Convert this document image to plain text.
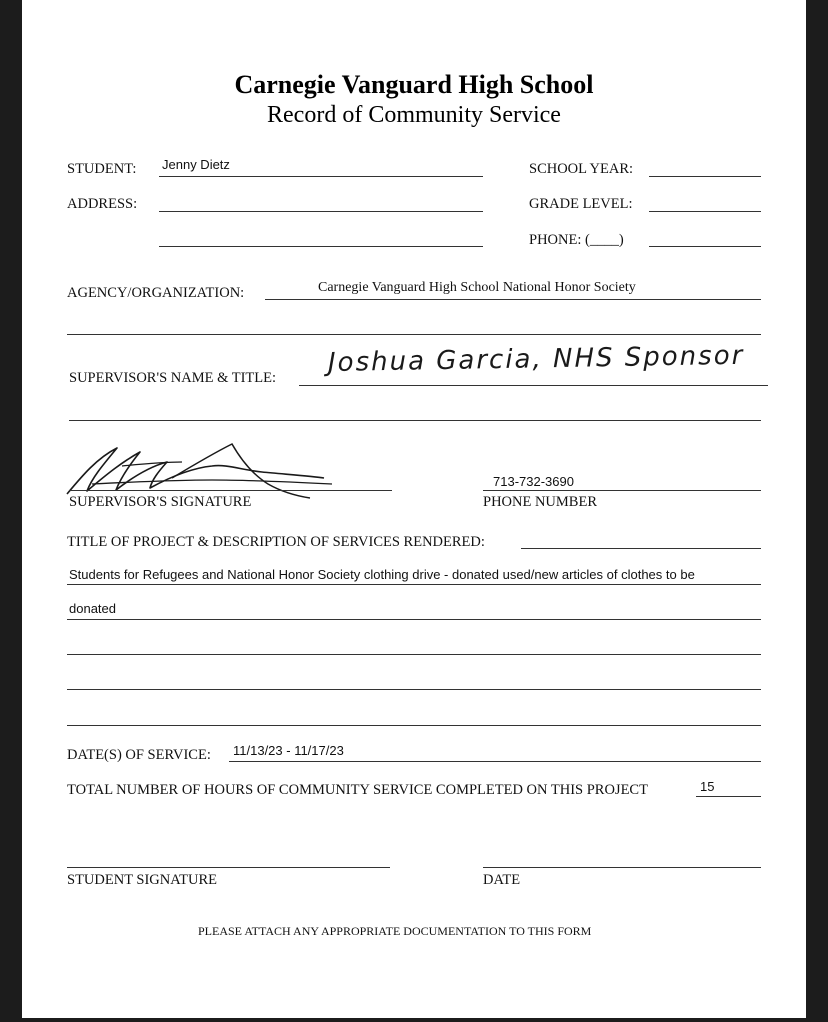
Carnegie Vanguard High School
Record of Community Service
STUDENT: Jenny Dietz	SCHOOL YEAR:
ADDRESS:	GRADE LEVEL:
PHONE: (____)
AGENCY/ORGANIZATION:	Carnegie Vanguard High School National Honor Society
SUPERVISOR'S NAME & TITLE:
Joshua Garcia, NHS Sponsor
SUPERVISOR'S SIGNATURE
713-732-3690
PHONE NUMBER
TITLE OF PROJECT & DESCRIPTION OF SERVICES RENDERED:
Students for Refugees and National Honor Society clothing drive - donated used/new articles of clothes to be
donated
DATE(S) OF SERVICE: 11/13/23 - 11/17/23
TOTAL NUMBER OF HOURS OF COMMUNITY SERVICE COMPLETED ON THIS PROJECT	15
STUDENT SIGNATURE	DATE
PLEASE ATTACH ANY APPROPRIATE DOCUMENTATION TO THIS FORM
